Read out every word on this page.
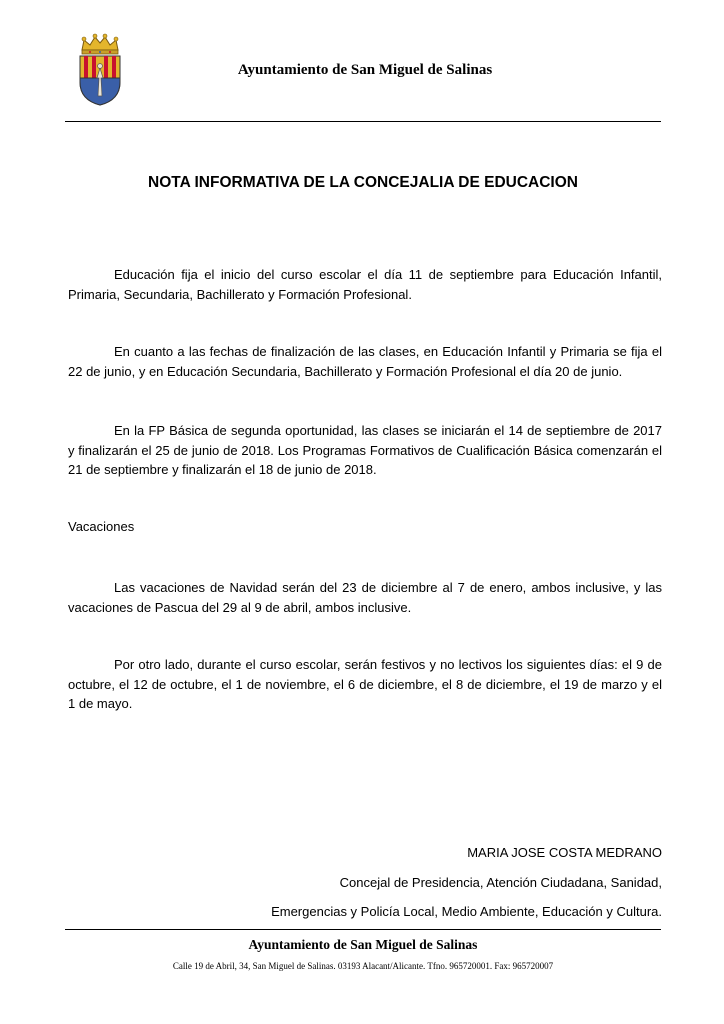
Ayuntamiento de San Miguel de Salinas
NOTA INFORMATIVA DE LA CONCEJALIA DE EDUCACION

Educación fija el inicio del curso escolar el día 11 de septiembre para Educación Infantil, Primaria, Secundaria, Bachillerato y Formación Profesional.

En cuanto a las fechas de finalización de las clases, en Educación Infantil y Primaria se fija el 22 de junio, y en Educación Secundaria, Bachillerato y Formación Profesional el día 20 de junio.

En la FP Básica de segunda oportunidad, las clases se iniciarán el 14 de septiembre de 2017 y finalizarán el 25 de junio de 2018. Los Programas Formativos de Cualificación Básica comenzarán el 21 de septiembre y finalizarán el 18 de junio de 2018.

Vacaciones

Las vacaciones de Navidad serán del 23 de diciembre al 7 de enero, ambos inclusive, y las vacaciones de Pascua del 29 al 9 de abril, ambos inclusive.

Por otro lado, durante el curso escolar, serán festivos y no lectivos los siguientes días: el 9 de octubre, el 12 de octubre, el 1 de noviembre, el 6 de diciembre, el 8 de diciembre, el 19 de marzo y el 1 de mayo.

MARIA JOSE COSTA MEDRANO
Concejal de Presidencia, Atención Ciudadana, Sanidad,
Emergencias y Policía Local, Medio Ambiente, Educación y Cultura.
Ayuntamiento de San Miguel de Salinas
Calle 19 de Abril, 34, San Miguel de Salinas. 03193 Alacant/Alicante. Tfno. 965720001. Fax: 965720007
